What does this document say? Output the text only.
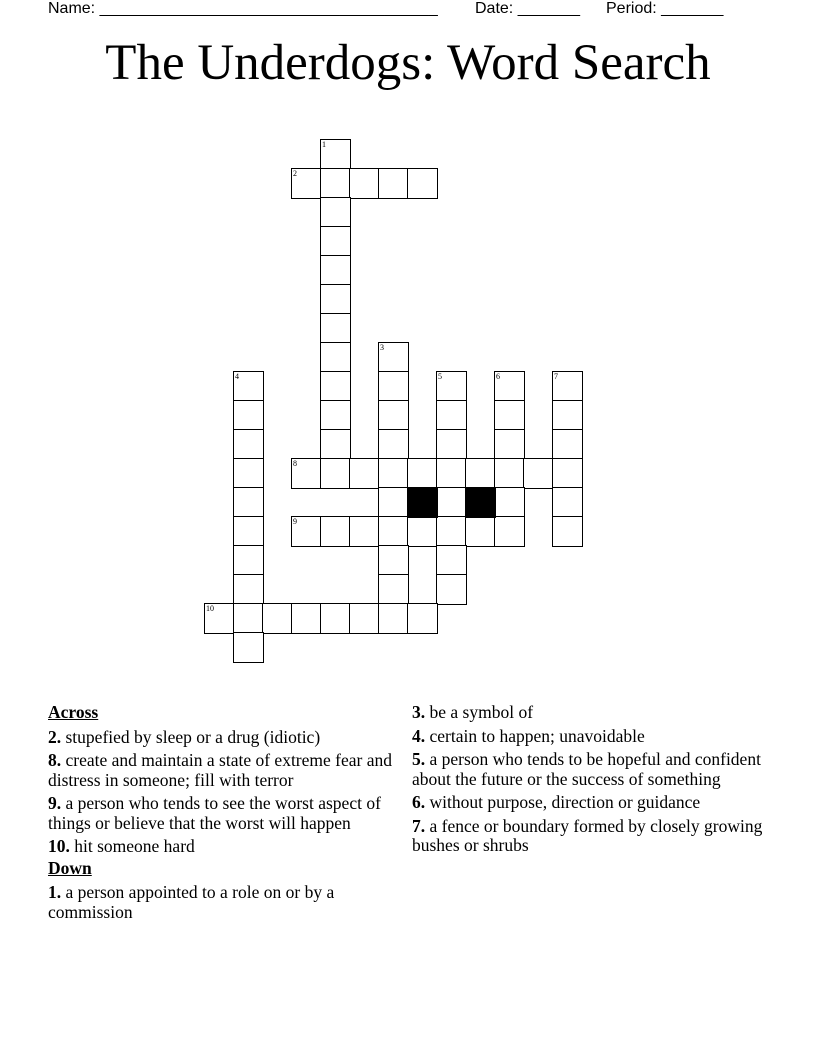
Name: ______________________________________ Date: _______ Period: _______
The Underdogs: Word Search
1
2
3
4	5	6	7
8
9
10
Across
2. stupefied by sleep or a drug (idiotic)
8. create and maintain a state of extreme fear and distress in someone; fill with terror
9. a person who tends to see the worst aspect of things or believe that the worst will happen
10. hit someone hard
Down
1. a person appointed to a role on or by a commission
3. be a symbol of
4. certain to happen; unavoidable
5. a person who tends to be hopeful and confident about the future or the success of something
6. without purpose, direction or guidance
7. a fence or boundary formed by closely growing bushes or shrubs
